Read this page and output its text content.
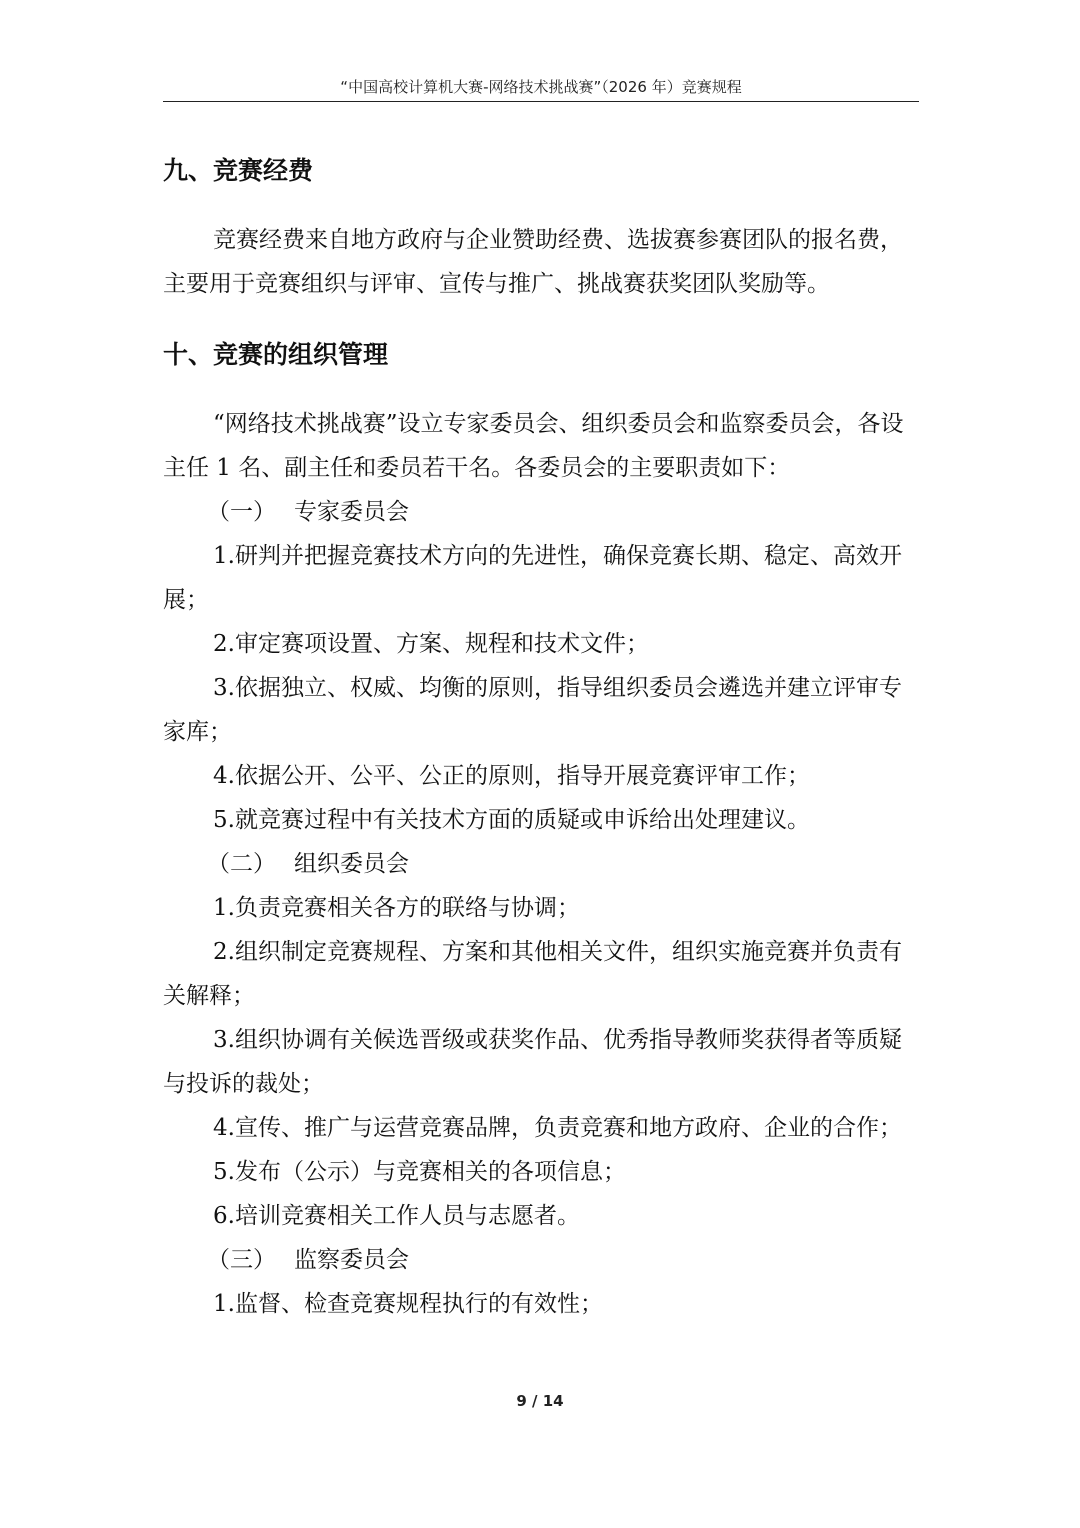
“中国高校计算机大赛-网络技术挑战赛”（2026 年）竞赛规程
九、竞赛经费

竞赛经费来自地方政府与企业赞助经费、选拔赛参赛团队的报名费，主要用于竞赛组织与评审、宣传与推广、挑战赛获奖团队奖励等。

十、竞赛的组织管理

“网络技术挑战赛”设立专家委员会、组织委员会和监察委员会，各设主任 1 名、副主任和委员若干名。各委员会的主要职责如下：

（一） 专家委员会

1.研判并把握竞赛技术方向的先进性，确保竞赛长期、稳定、高效开展；

2.审定赛项设置、方案、规程和技术文件；

3.依据独立、权威、均衡的原则，指导组织委员会遴选并建立评审专家库；

4.依据公开、公平、公正的原则，指导开展竞赛评审工作；

5.就竞赛过程中有关技术方面的质疑或申诉给出处理建议。

（二） 组织委员会

1.负责竞赛相关各方的联络与协调；

2.组织制定竞赛规程、方案和其他相关文件，组织实施竞赛并负责有关解释；

3.组织协调有关候选晋级或获奖作品、优秀指导教师奖获得者等质疑与投诉的裁处；

4.宣传、推广与运营竞赛品牌，负责竞赛和地方政府、企业的合作；

5.发布（公示）与竞赛相关的各项信息；

6.培训竞赛相关工作人员与志愿者。

（三） 监察委员会

1.监督、检查竞赛规程执行的有效性；

9 / 14
